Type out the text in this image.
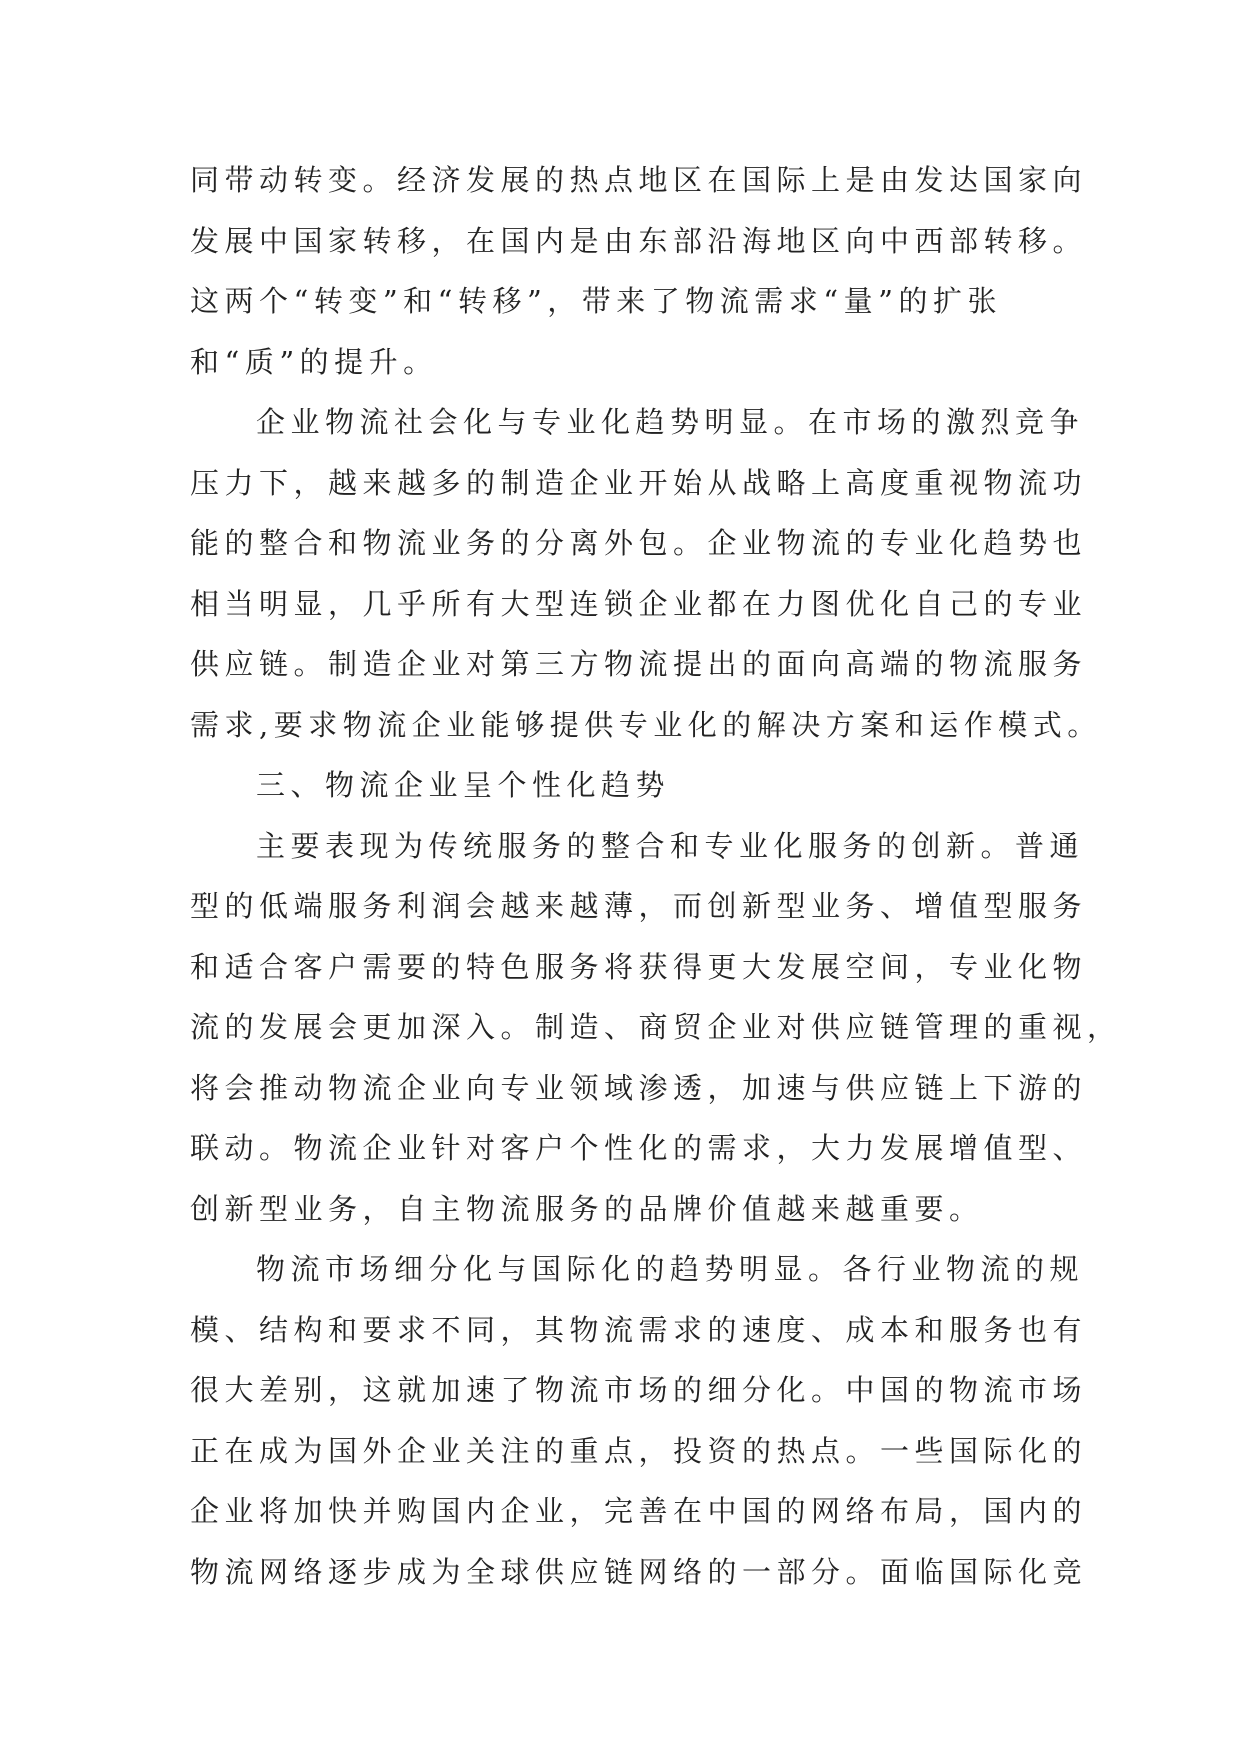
同带动转变。经济发展的热点地区在国际上是由发达国家向
发展中国家转移，在国内是由东部沿海地区向中西部转移。
这两个“转变”和“转移”，带来了物流需求“量”的扩张
和“质”的提升。
企业物流社会化与专业化趋势明显。在市场的激烈竞争
压力下，越来越多的制造企业开始从战略上高度重视物流功
能的整合和物流业务的分离外包。企业物流的专业化趋势也
相当明显，几乎所有大型连锁企业都在力图优化自己的专业
供应链。制造企业对第三方物流提出的面向高端的物流服务
需求,要求物流企业能够提供专业化的解决方案和运作模式。
三、物流企业呈个性化趋势
主要表现为传统服务的整合和专业化服务的创新。普通
型的低端服务利润会越来越薄，而创新型业务、增值型服务
和适合客户需要的特色服务将获得更大发展空间，专业化物
流的发展会更加深入。制造、商贸企业对供应链管理的重视，
将会推动物流企业向专业领域渗透，加速与供应链上下游的
联动。物流企业针对客户个性化的需求，大力发展增值型、
创新型业务，自主物流服务的品牌价值越来越重要。
物流市场细分化与国际化的趋势明显。各行业物流的规
模、结构和要求不同，其物流需求的速度、成本和服务也有
很大差别，这就加速了物流市场的细分化。中国的物流市场
正在成为国外企业关注的重点，投资的热点。一些国际化的
企业将加快并购国内企业，完善在中国的网络布局，国内的
物流网络逐步成为全球供应链网络的一部分。面临国际化竞
